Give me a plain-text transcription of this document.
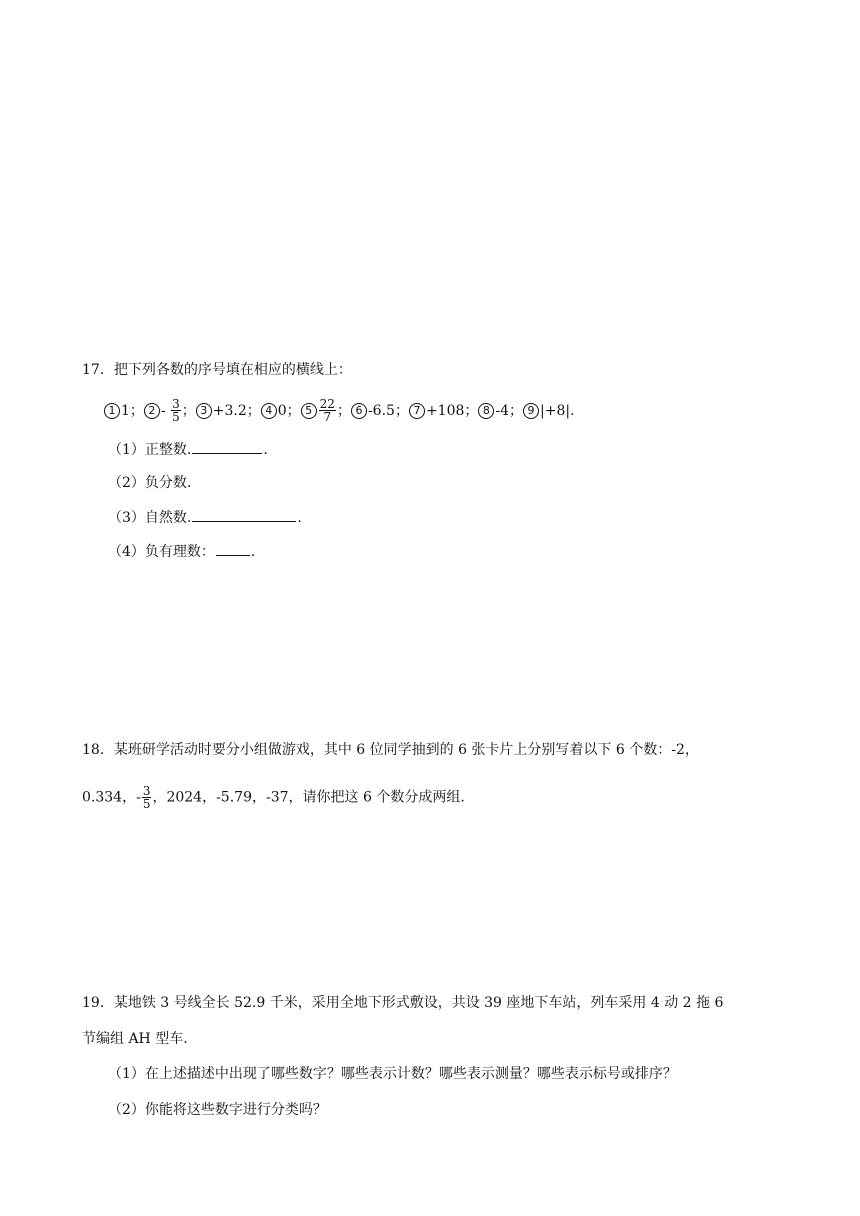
17．把下列各数的序号填在相应的横线上：
1 1； $2 - \frac{3}{5}$ ； 3 +3.2； 4 0； $5 \frac{22}{7}$ ； 6 -6.5； 7 +108； 8 -4； 9 |+8|.
（1）正整数.	.
（2）负分数.
（3）自然数.	.
（4）负有理数：	.
18．某班研学活动时要分小组做游戏，其中 6 位同学抽到的 6 张卡片上分别写着以下 6 个数：-2，
0.334，- $\frac{3}{5}$ ，2024，-5.79，-37，请你把这 6 个数分成两组.
19．某地铁 3 号线全长 52.9 千米，采用全地下形式敷设，共设 39 座地下车站，列车采用 4 动 2 拖 6
节编组 AH 型车.
（1）在上述描述中出现了哪些数字？哪些表示计数？哪些表示测量？哪些表示标号或排序？
（2）你能将这些数字进行分类吗？
